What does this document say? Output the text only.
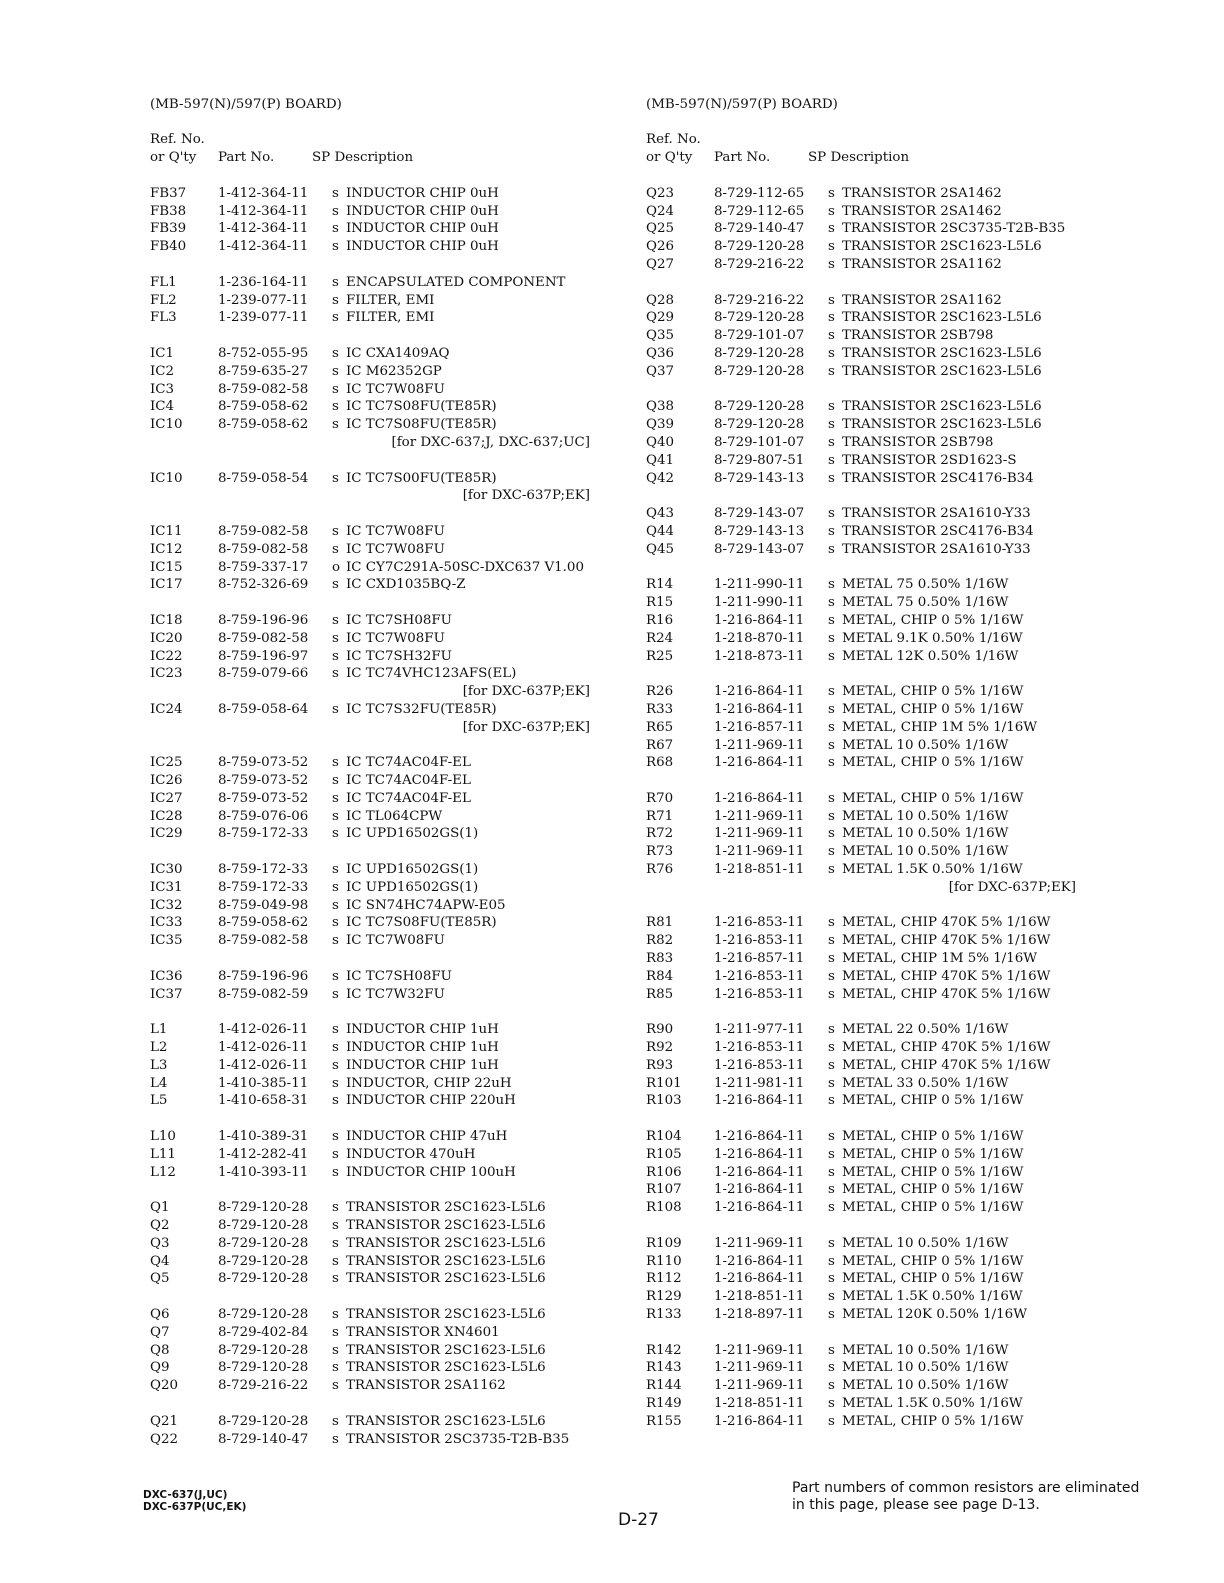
(MB-597(N)/597(P) BOARD)
Ref. No.
or Q'ty Part No.	SP Description
FB37 1-412-364-11 s INDUCTOR CHIP 0uH
FB38 1-412-364-11 s INDUCTOR CHIP 0uH
FB39 1-412-364-11 s INDUCTOR CHIP 0uH
FB40 1-412-364-11 s INDUCTOR CHIP 0uH
FL1	1-236-164-11 s ENCAPSULATED COMPONENT
FL2	1-239-077-11 s FILTER, EMI
FL3	1-239-077-11 s FILTER, EMI
IC1	8-752-055-95 s IC CXA1409AQ
IC2	8-759-635-27 s IC M62352GP
IC3	8-759-082-58 s IC TC7W08FU
IC4	8-759-058-62 s IC TC7S08FU(TE85R)
IC10	8-759-058-62 s IC TC7S08FU(TE85R)
[for DXC-637;J, DXC-637;UC]
IC10	8-759-058-54 s IC TC7S00FU(TE85R)
[for DXC-637P;EK]
IC11	8-759-082-58 s IC TC7W08FU
IC12	8-759-082-58 s IC TC7W08FU
IC15	8-759-337-17 o IC CY7C291A-50SC-DXC637 V1.00
IC17	8-752-326-69 s IC CXD1035BQ-Z
IC18	8-759-196-96 s IC TC7SH08FU
IC20	8-759-082-58 s IC TC7W08FU
IC22	8-759-196-97 s IC TC7SH32FU
IC23	8-759-079-66 s IC TC74VHC123AFS(EL)
[for DXC-637P;EK]
IC24	8-759-058-64 s IC TC7S32FU(TE85R)
[for DXC-637P;EK]
IC25	8-759-073-52 s IC TC74AC04F-EL
IC26	8-759-073-52 s IC TC74AC04F-EL
IC27	8-759-073-52 s IC TC74AC04F-EL
IC28	8-759-076-06 s IC TL064CPW
IC29	8-759-172-33 s IC UPD16502GS(1)
IC30	8-759-172-33 s IC UPD16502GS(1)
IC31	8-759-172-33 s IC UPD16502GS(1)
IC32	8-759-049-98 s IC SN74HC74APW-E05
IC33	8-759-058-62 s IC TC7S08FU(TE85R)
IC35	8-759-082-58 s IC TC7W08FU
IC36	8-759-196-96 s IC TC7SH08FU
IC37	8-759-082-59 s IC TC7W32FU
L1	1-412-026-11 s INDUCTOR CHIP 1uH
L2	1-412-026-11 s INDUCTOR CHIP 1uH
L3	1-412-026-11 s INDUCTOR CHIP 1uH
L4	1-410-385-11 s INDUCTOR, CHIP 22uH
L5	1-410-658-31 s INDUCTOR CHIP 220uH
L10	1-410-389-31 s INDUCTOR CHIP 47uH
L11	1-412-282-41 s INDUCTOR 470uH
L12	1-410-393-11 s INDUCTOR CHIP 100uH
Q1	8-729-120-28 s TRANSISTOR 2SC1623-L5L6
Q2	8-729-120-28 s TRANSISTOR 2SC1623-L5L6
Q3	8-729-120-28 s TRANSISTOR 2SC1623-L5L6
Q4	8-729-120-28 s TRANSISTOR 2SC1623-L5L6
Q5	8-729-120-28 s TRANSISTOR 2SC1623-L5L6
Q6	8-729-120-28 s TRANSISTOR 2SC1623-L5L6
Q7	8-729-402-84 s TRANSISTOR XN4601
Q8	8-729-120-28 s TRANSISTOR 2SC1623-L5L6
Q9	8-729-120-28 s TRANSISTOR 2SC1623-L5L6
Q20	8-729-216-22 s TRANSISTOR 2SA1162
Q21	8-729-120-28 s TRANSISTOR 2SC1623-L5L6
Q22	8-729-140-47 s TRANSISTOR 2SC3735-T2B-B35
(MB-597(N)/597(P) BOARD)
Ref. No.
or Q'ty Part No.	SP Description
Q23	8-729-112-65 s TRANSISTOR 2SA1462
Q24	8-729-112-65 s TRANSISTOR 2SA1462
Q25	8-729-140-47 s TRANSISTOR 2SC3735-T2B-B35
Q26	8-729-120-28 s TRANSISTOR 2SC1623-L5L6
Q27	8-729-216-22 s TRANSISTOR 2SA1162
Q28	8-729-216-22 s TRANSISTOR 2SA1162
Q29	8-729-120-28 s TRANSISTOR 2SC1623-L5L6
Q35	8-729-101-07 s TRANSISTOR 2SB798
Q36	8-729-120-28 s TRANSISTOR 2SC1623-L5L6
Q37	8-729-120-28 s TRANSISTOR 2SC1623-L5L6
Q38	8-729-120-28 s TRANSISTOR 2SC1623-L5L6
Q39	8-729-120-28 s TRANSISTOR 2SC1623-L5L6
Q40	8-729-101-07 s TRANSISTOR 2SB798
Q41	8-729-807-51 s TRANSISTOR 2SD1623-S
Q42	8-729-143-13 s TRANSISTOR 2SC4176-B34
Q43	8-729-143-07 s TRANSISTOR 2SA1610-Y33
Q44	8-729-143-13 s TRANSISTOR 2SC4176-B34
Q45	8-729-143-07 s TRANSISTOR 2SA1610-Y33
R14	1-211-990-11 s METAL 75 0.50% 1/16W
R15	1-211-990-11 s METAL 75 0.50% 1/16W
R16	1-216-864-11 s METAL, CHIP 0 5% 1/16W
R24	1-218-870-11 s METAL 9.1K 0.50% 1/16W
R25	1-218-873-11 s METAL 12K 0.50% 1/16W
R26	1-216-864-11 s METAL, CHIP 0 5% 1/16W
R33	1-216-864-11 s METAL, CHIP 0 5% 1/16W
R65	1-216-857-11 s METAL, CHIP 1M 5% 1/16W
R67	1-211-969-11 s METAL 10 0.50% 1/16W
R68	1-216-864-11 s METAL, CHIP 0 5% 1/16W
R70	1-216-864-11 s METAL, CHIP 0 5% 1/16W
R71	1-211-969-11 s METAL 10 0.50% 1/16W
R72	1-211-969-11 s METAL 10 0.50% 1/16W
R73	1-211-969-11 s METAL 10 0.50% 1/16W
R76	1-218-851-11 s METAL 1.5K 0.50% 1/16W
[for DXC-637P;EK]
R81	1-216-853-11 s METAL, CHIP 470K 5% 1/16W
R82	1-216-853-11 s METAL, CHIP 470K 5% 1/16W
R83	1-216-857-11 s METAL, CHIP 1M 5% 1/16W
R84	1-216-853-11 s METAL, CHIP 470K 5% 1/16W
R85	1-216-853-11 s METAL, CHIP 470K 5% 1/16W
R90	1-211-977-11 s METAL 22 0.50% 1/16W
R92	1-216-853-11 s METAL, CHIP 470K 5% 1/16W
R93	1-216-853-11 s METAL, CHIP 470K 5% 1/16W
R101 1-211-981-11 s METAL 33 0.50% 1/16W
R103 1-216-864-11 s METAL, CHIP 0 5% 1/16W
R104 1-216-864-11 s METAL, CHIP 0 5% 1/16W
R105 1-216-864-11 s METAL, CHIP 0 5% 1/16W
R106 1-216-864-11 s METAL, CHIP 0 5% 1/16W
R107 1-216-864-11 s METAL, CHIP 0 5% 1/16W
R108 1-216-864-11 s METAL, CHIP 0 5% 1/16W
R109 1-211-969-11 s METAL 10 0.50% 1/16W
R110 1-216-864-11 s METAL, CHIP 0 5% 1/16W
R112 1-216-864-11 s METAL, CHIP 0 5% 1/16W
R129 1-218-851-11 s METAL 1.5K 0.50% 1/16W
R133 1-218-897-11 s METAL 120K 0.50% 1/16W
R142 1-211-969-11 s METAL 10 0.50% 1/16W
R143 1-211-969-11 s METAL 10 0.50% 1/16W
R144 1-211-969-11 s METAL 10 0.50% 1/16W
R149 1-218-851-11 s METAL 1.5K 0.50% 1/16W
R155 1-216-864-11 s METAL, CHIP 0 5% 1/16W
DXC-637(J,UC)
DXC-637P(UC,EK)
D-27
Part numbers of common resistors are eliminated
in this page, please see page D-13.
